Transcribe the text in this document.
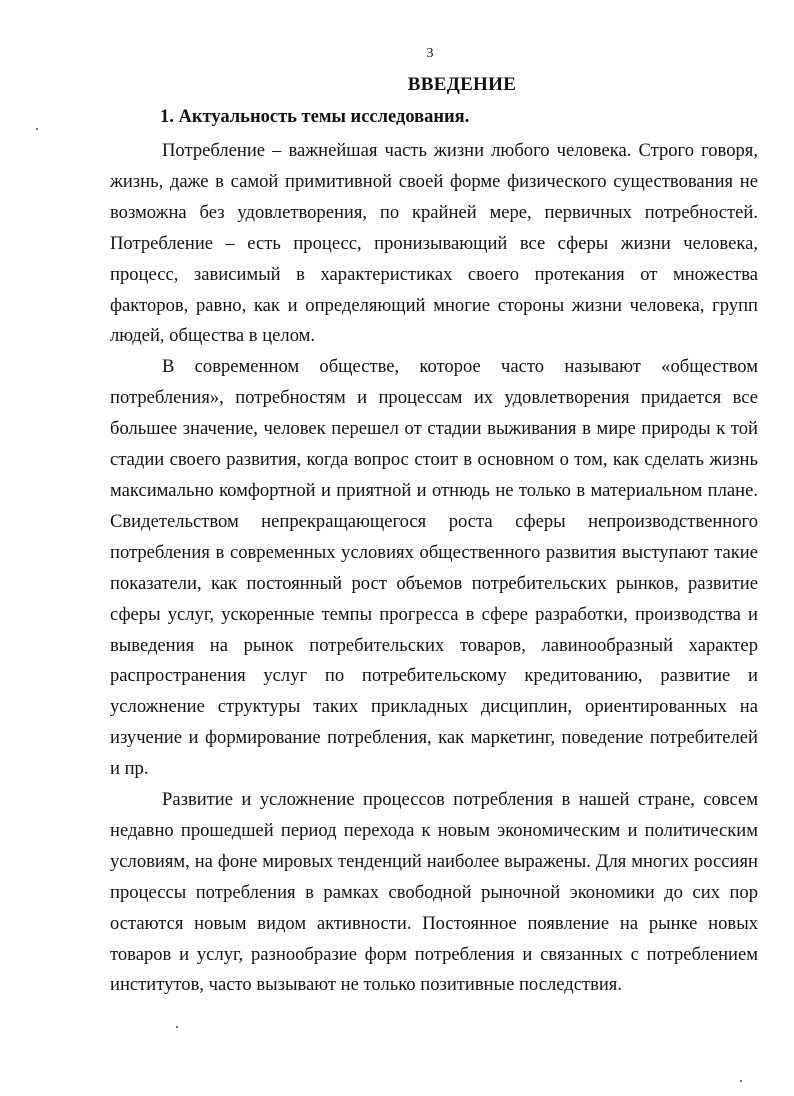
3
ВВЕДЕНИЕ
1. Актуальность темы исследования.

Потребление – важнейшая часть жизни любого человека. Строго говоря, жизнь, даже в самой примитивной своей форме физического существования не возможна без удовлетворения, по крайней мере, первичных потребностей. Потребление – есть процесс, пронизывающий все сферы жизни человека, процесс, зависимый в характеристиках своего протекания от множества факторов, равно, как и определяющий многие стороны жизни человека, групп людей, общества в целом.

В современном обществе, которое часто называют «обществом потребления», потребностям и процессам их удовлетворения придается все большее значение, человек перешел от стадии выживания в мире природы к той стадии своего развития, когда вопрос стоит в основном о том, как сделать жизнь максимально комфортной и приятной и отнюдь не только в материальном плане. Свидетельством непрекращающегося роста сферы непроизводственного потребления в современных условиях общественного развития выступают такие показатели, как постоянный рост объемов потребительских рынков, развитие сферы услуг, ускоренные темпы прогресса в сфере разработки, производства и выведения на рынок потребительских товаров, лавинообразный характер распространения услуг по потребительскому кредитованию, развитие и усложнение структуры таких прикладных дисциплин, ориентированных на изучение и формирование потребления, как маркетинг, поведение потребителей и пр.

Развитие и усложнение процессов потребления в нашей стране, совсем недавно прошедшей период перехода к новым экономическим и политическим условиям, на фоне мировых тенденций наиболее выражены. Для многих россиян процессы потребления в рамках свободной рыночной экономики до сих пор остаются новым видом активности. Постоянное появление на рынке новых товаров и услуг, разнообразие форм потребления и связанных с потреблением институтов, часто вызывают не только позитивные последствия.
